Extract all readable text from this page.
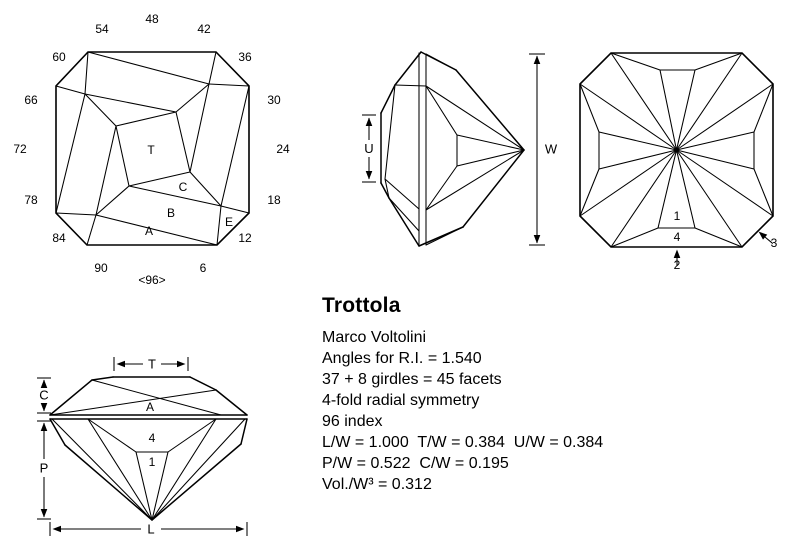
T
C
B
E
A
48
54	42
60	36
66	30
72	24
78	18
84	12
90	6
<96>
W
U
1
4
2
3
T
C
A
4
1
P
L
Trottola
Marco Voltolini
Angles for R.I. = 1.540
37 + 8 girdles = 45 facets
4-fold radial symmetry
96 index
L/W = 1.000  T/W = 0.384  U/W = 0.384
P/W = 0.522  C/W = 0.195
Vol./W³ = 0.312
